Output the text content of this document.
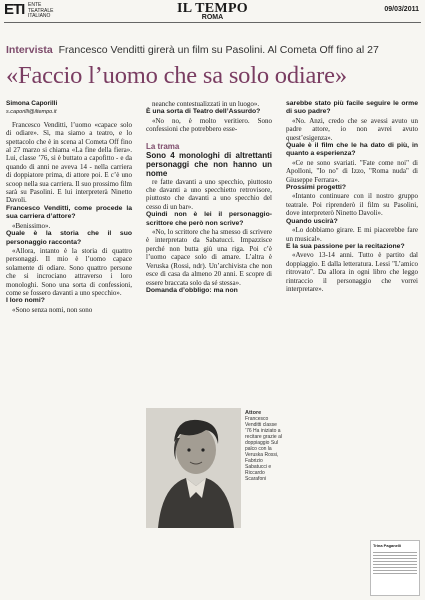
ETI ENTE
TEATRALE
ITALIANO	IL TEMPO
ROMA
09/03/2011
Intervista Francesco Venditti girerà un film su Pasolini. Al Cometa Off fino al 27
«Faccio l’uomo che sa solo odiare»

Simona Caporilli

s.caporilli@iltempo.it

Francesco Venditti, l’uomo «capace solo di odiare». Sì, ma siamo a teatro, e lo spettacolo che è in scena al Cometa Off fino al 27 marzo si chiama «La fine della fiera». Lui, classe ’76, si è buttato a capofitto - e da quando di anni ne aveva 14 - nella carriera di doppiatore prima, di attore poi. E c’è uno scoop nella sua carriera. Il suo prossimo film sarà su Pasolini. E lui interpreterà Ninetto Davoli.

Francesco Venditti, come procede la sua carriera d’attore?

«Benissimo».

Quale è la storia che il suo personaggio racconta?

«Allora, intanto è la storia di quattro personaggi. Il mio è l’uomo capace solamente di odiare. Sono quattro persone che si incrociano attraverso i loro monologhi. Sono una sorta di confessioni, come se fossero davanti a uno specchio».

I loro nomi?

«Sono senza nomi, non sono

neanche contestualizzati in un luogo».

È una sorta di Teatro dell’Assurdo?

«No no, è molto veritiero. Sono confessioni che potrebbero esse-

La trama
Sono 4 monologhi di altrettanti personaggi che non hanno un nome

re fatte davanti a uno specchio, piuttosto che davanti a uno specchietto retrovisore, piuttosto che davanti a uno specchio del cesso di un bar».

Quindi non è lei il personaggio-scrittore che però non scrive?

«No, lo scrittore che ha smesso di scrivere è interpretato da Sabatucci. Impazzisce perché non butta giù una riga. Poi c’è l’uomo capace solo di amare. L’altra è Veruska (Rossi, ndr). Un’archivista che non esce di casa da almeno 20 anni. E scopre di essere braccata solo da sé stessa».

Domanda d’obbligo: ma non

sarebbe stato più facile seguire le orme di suo padre?

«No. Anzi, credo che se avessi avuto un padre attore, io non avrei avuto quest’esigenza».

Quale è il film che le ha dato di più, in quanto a esperienza?

«Ce ne sono svariati. "Fate come noi" di Apolloni, "Io no" di Izzo, "Roma nuda" di Giuseppe Ferrara».

Prossimi progetti?

«Intanto continuare con il nostro gruppo teatrale. Poi riprenderò il film su Pasolini, dove interpreterò Ninetto Davoli».

Quando uscirà?

«Lo dobbiamo girare. E mi piacerebbe fare un musical».

E la sua passione per la recitazione?

«Avevo 13-14 anni. Tutto è partito dal doppiaggio. E dalla letteratura. Lessi "L’amico ritrovato". Da allora in ogni libro che leggo rintraccio il personaggio che vorrei interpretare».

Attore
Francesco Venditti classe ’76 Ha iniziato a recitare grazie al doppiaggio Sul palco con la Veruska Rossi, Fabrizio Sabatucci e Riccardo Scarafoni
Trina Paganelli
